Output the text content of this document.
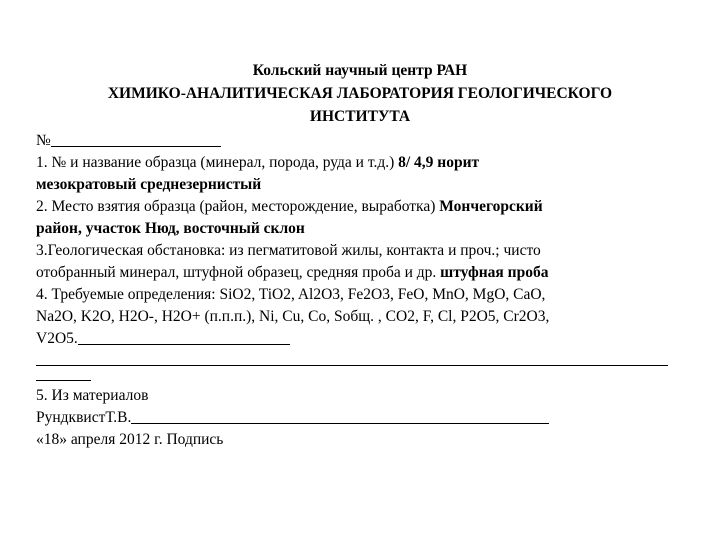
Кольский научный центр РАН
ХИМИКО-АНАЛИТИЧЕСКАЯ ЛАБОРАТОРИЯ ГЕОЛОГИЧЕСКОГО
ИНСТИТУТА
№
1. № и название образца (минерал, порода, руда и т.д.) 8/ 4,9 норит
мезократовый среднезернистый
2. Место взятия образца (район, месторождение, выработка) Мончегорский
район, участок Нюд, восточный склон
3.Геологическая обстановка: из пегматитовой жилы, контакта и проч.; чисто
отобранный минерал, штуфной образец, средняя проба и др. штуфная проба
4. Требуемые определения: SiO2, TiO2, Al2O3, Fe2O3, FeO, MnO, MgO, CaO,
Na2O, K2O, H2O-, H2O+ (п.п.п.), Ni, Cu, Co, Sобщ. , CO2, F, Cl, P2O5, Cr2O3,
V2O5.
5. Из материалов
РундквистТ.В.
«18» апреля 2012 г. Подпись
